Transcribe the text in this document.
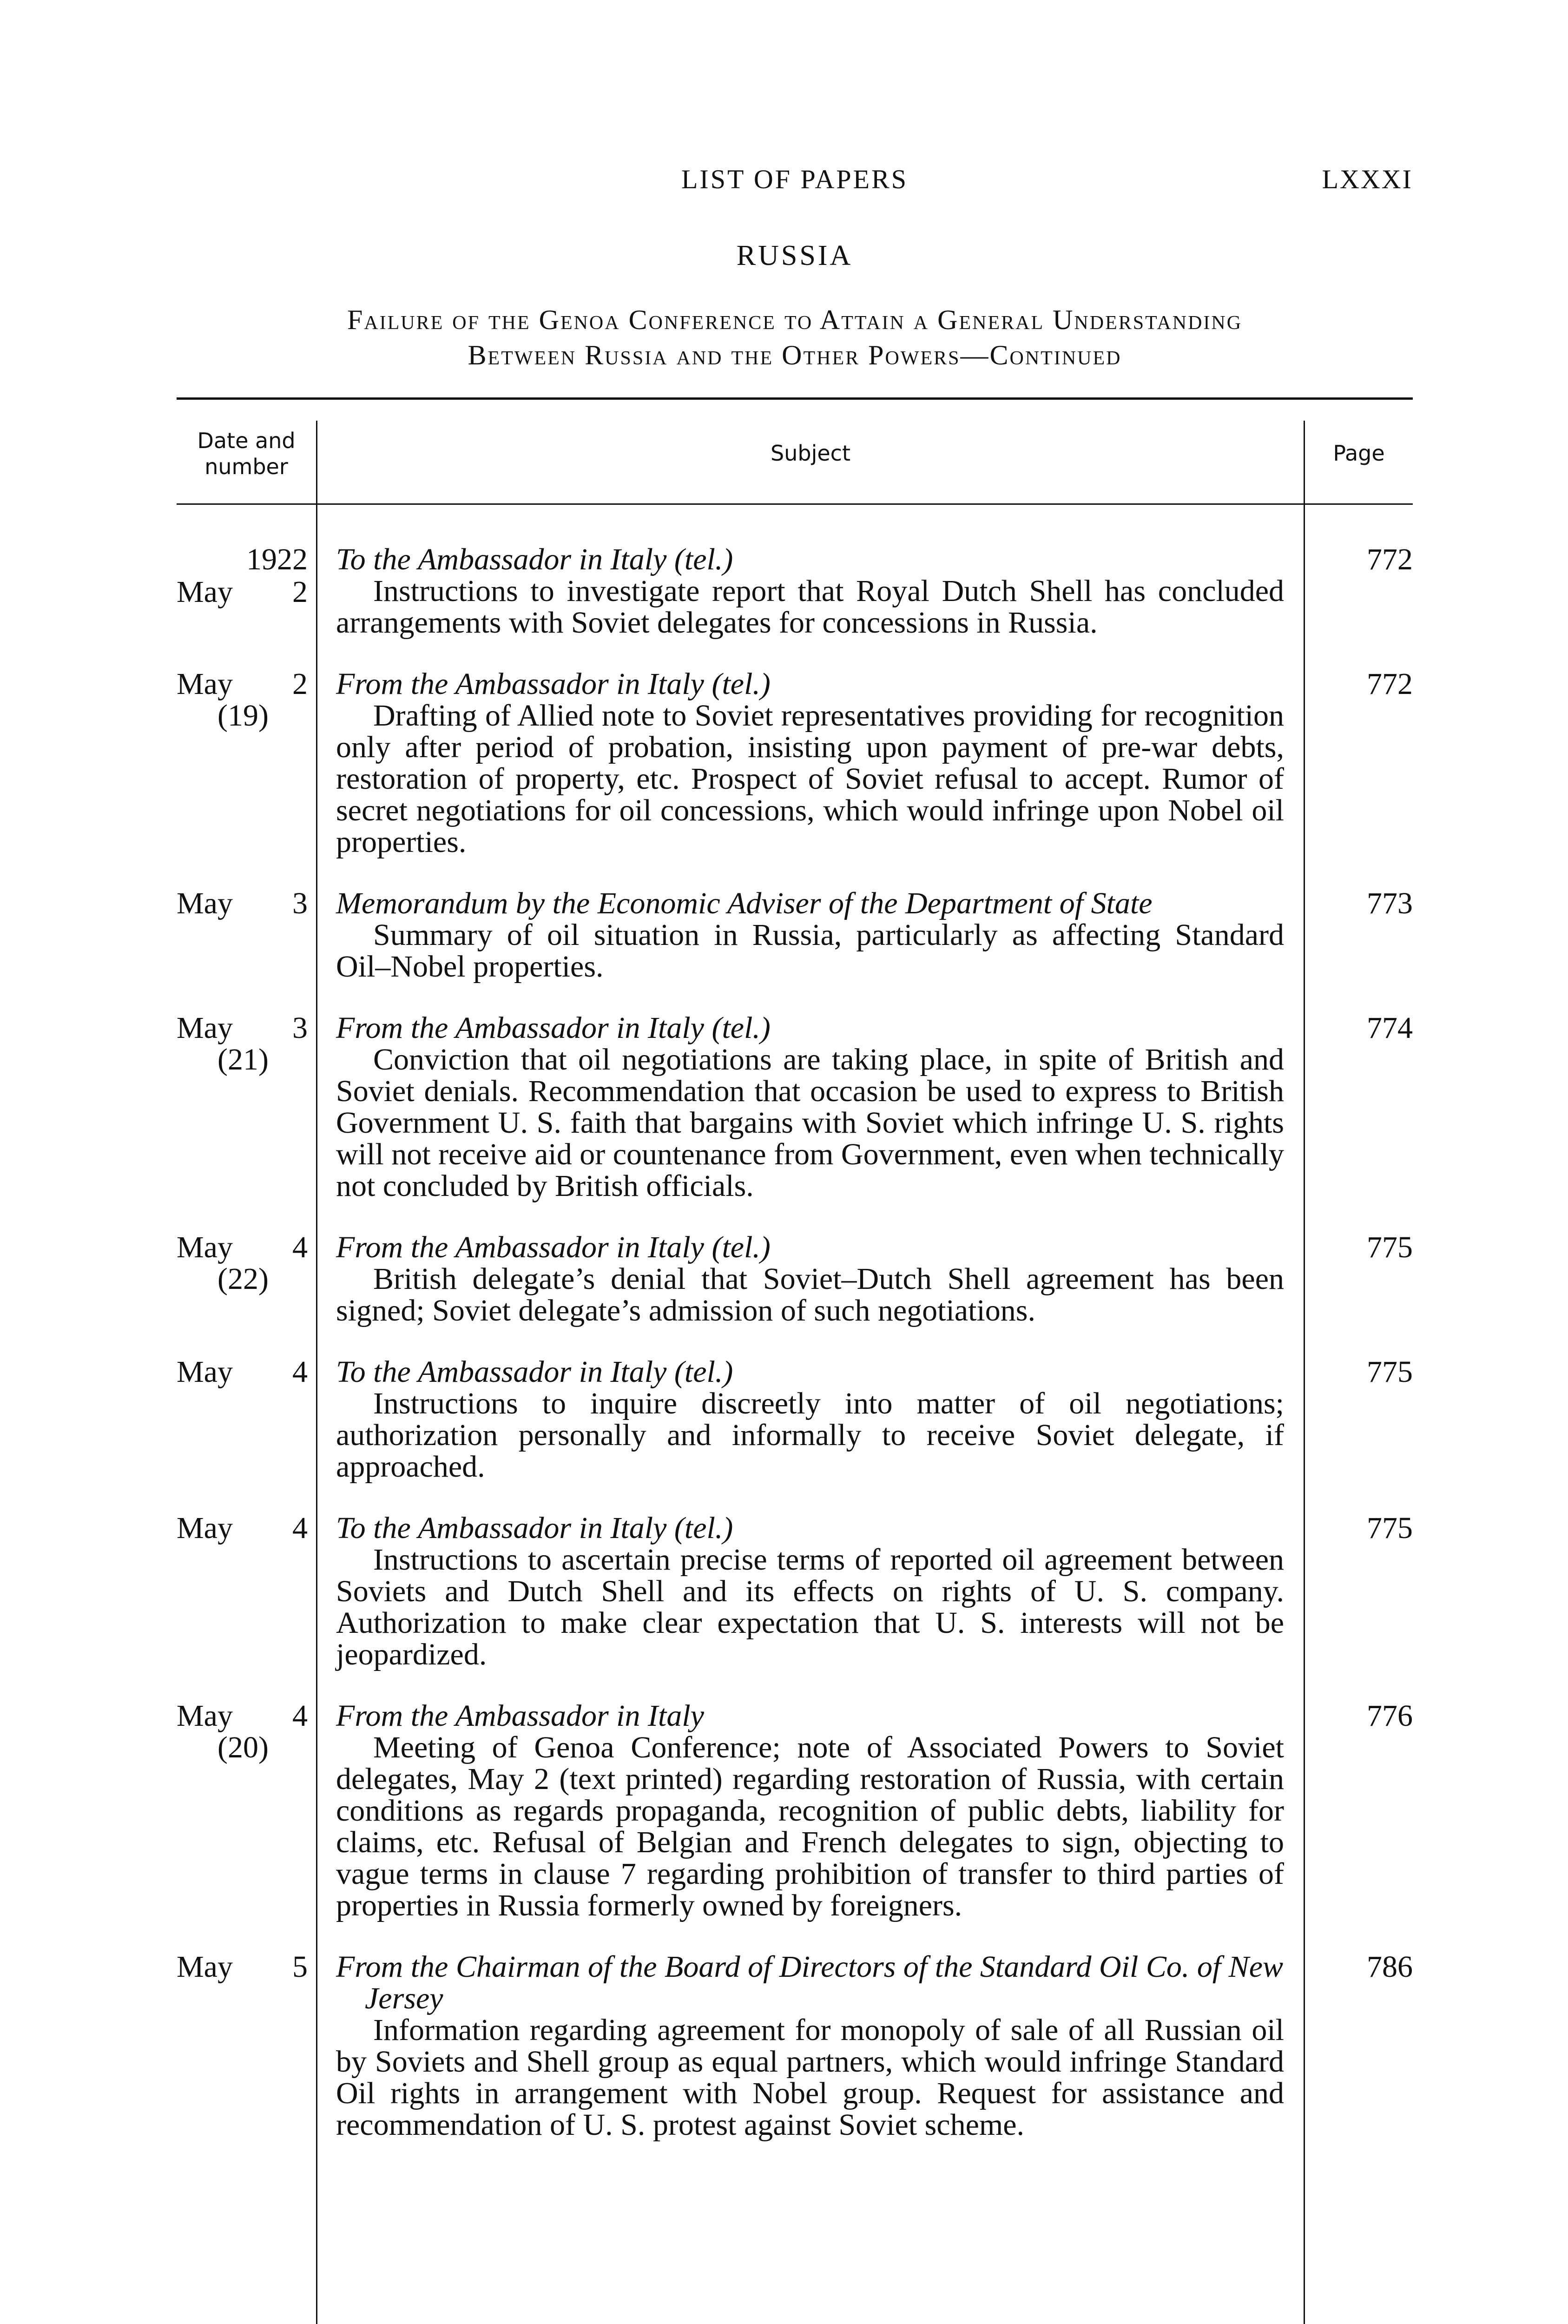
LIST OF PAPERS	LXXXI
RUSSIA
Failure of the Genoa Conference to Attain a General Understanding
Between Russia and the Other Powers—Continued
Date and
number
Subject	Page
1922
May 2
To the Ambassador in Italy (tel.)
Instructions to investigate report that Royal Dutch Shell has concluded arrangements with Soviet delegates for concessions in Russia.
772
May 2
(19)
From the Ambassador in Italy (tel.)
Drafting of Allied note to Soviet representatives providing for recognition only after period of probation, insisting upon payment of pre-war debts, restoration of property, etc. Prospect of Soviet refusal to accept. Rumor of secret negotiations for oil concessions, which would infringe upon Nobel oil properties.
772
May 3 Memorandum by the Economic Adviser of the Department of State
Summary of oil situation in Russia, particularly as affecting Standard Oil–Nobel properties.
773
May 3
(21)
From the Ambassador in Italy (tel.)
Conviction that oil negotiations are taking place, in spite of British and Soviet denials. Recommendation that occasion be used to express to British Government U. S. faith that bargains with Soviet which infringe U. S. rights will not receive aid or countenance from Government, even when technically not concluded by British officials.
774
May 4
(22)
From the Ambassador in Italy (tel.)
British delegate’s denial that Soviet–Dutch Shell agreement has been signed; Soviet delegate’s admission of such negotiations.
775
May 4 To the Ambassador in Italy (tel.)
Instructions to inquire discreetly into matter of oil negotiations; authorization personally and informally to receive Soviet delegate, if approached.
775
May 4 To the Ambassador in Italy (tel.)
Instructions to ascertain precise terms of reported oil agreement between Soviets and Dutch Shell and its effects on rights of U. S. company. Authorization to make clear expectation that U. S. interests will not be jeopardized.
775
May 4
(20)
From the Ambassador in Italy
Meeting of Genoa Conference; note of Associated Powers to Soviet delegates, May 2 (text printed) regarding restoration of Russia, with certain conditions as regards propaganda, recognition of public debts, liability for claims, etc. Refusal of Belgian and French delegates to sign, objecting to vague terms in clause 7 regarding prohibition of transfer to third parties of properties in Russia formerly owned by foreigners.
776
May 5 From the Chairman of the Board of Directors of the Standard Oil Co. of New Jersey
Information regarding agreement for monopoly of sale of all Russian oil by Soviets and Shell group as equal partners, which would infringe Standard Oil rights in arrangement with Nobel group. Request for assistance and recommendation of U. S. protest against Soviet scheme.
786
